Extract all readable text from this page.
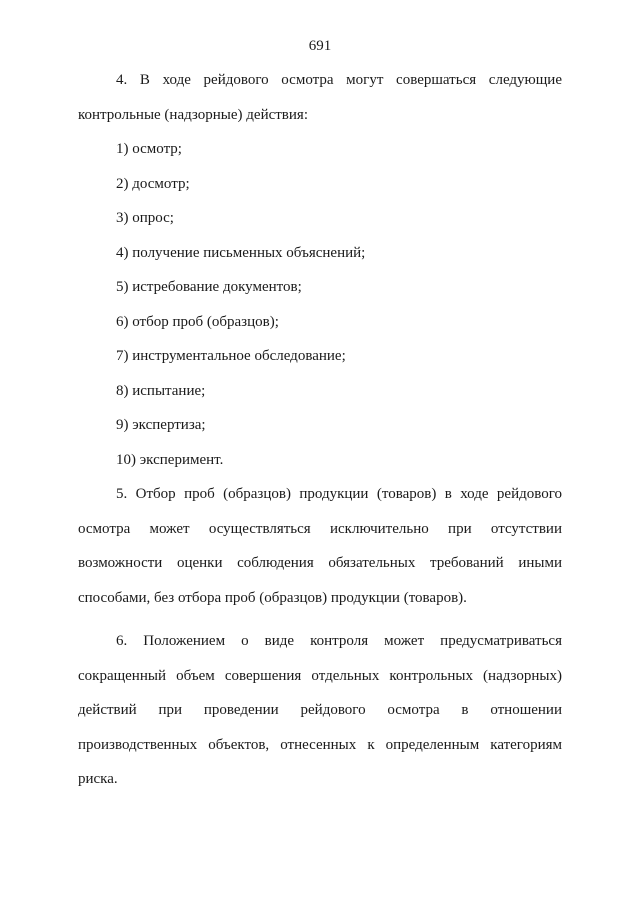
691
4. В ходе рейдового осмотра могут совершаться следующие
контрольные (надзорные) действия:
1) осмотр;
2) досмотр;
3) опрос;
4) получение письменных объяснений;
5) истребование документов;
6) отбор проб (образцов);
7) инструментальное обследование;
8) испытание;
9) экспертиза;
10) эксперимент.
5. Отбор проб (образцов) продукции (товаров) в ходе рейдового
осмотра может осуществляться исключительно при отсутствии
возможности оценки соблюдения обязательных требований иными
способами, без отбора проб (образцов) продукции (товаров).
6. Положением о виде контроля может предусматриваться
сокращенный объем совершения отдельных контрольных (надзорных)
действий при проведении рейдового осмотра в отношении
производственных объектов, отнесенных к определенным категориям
риска.
